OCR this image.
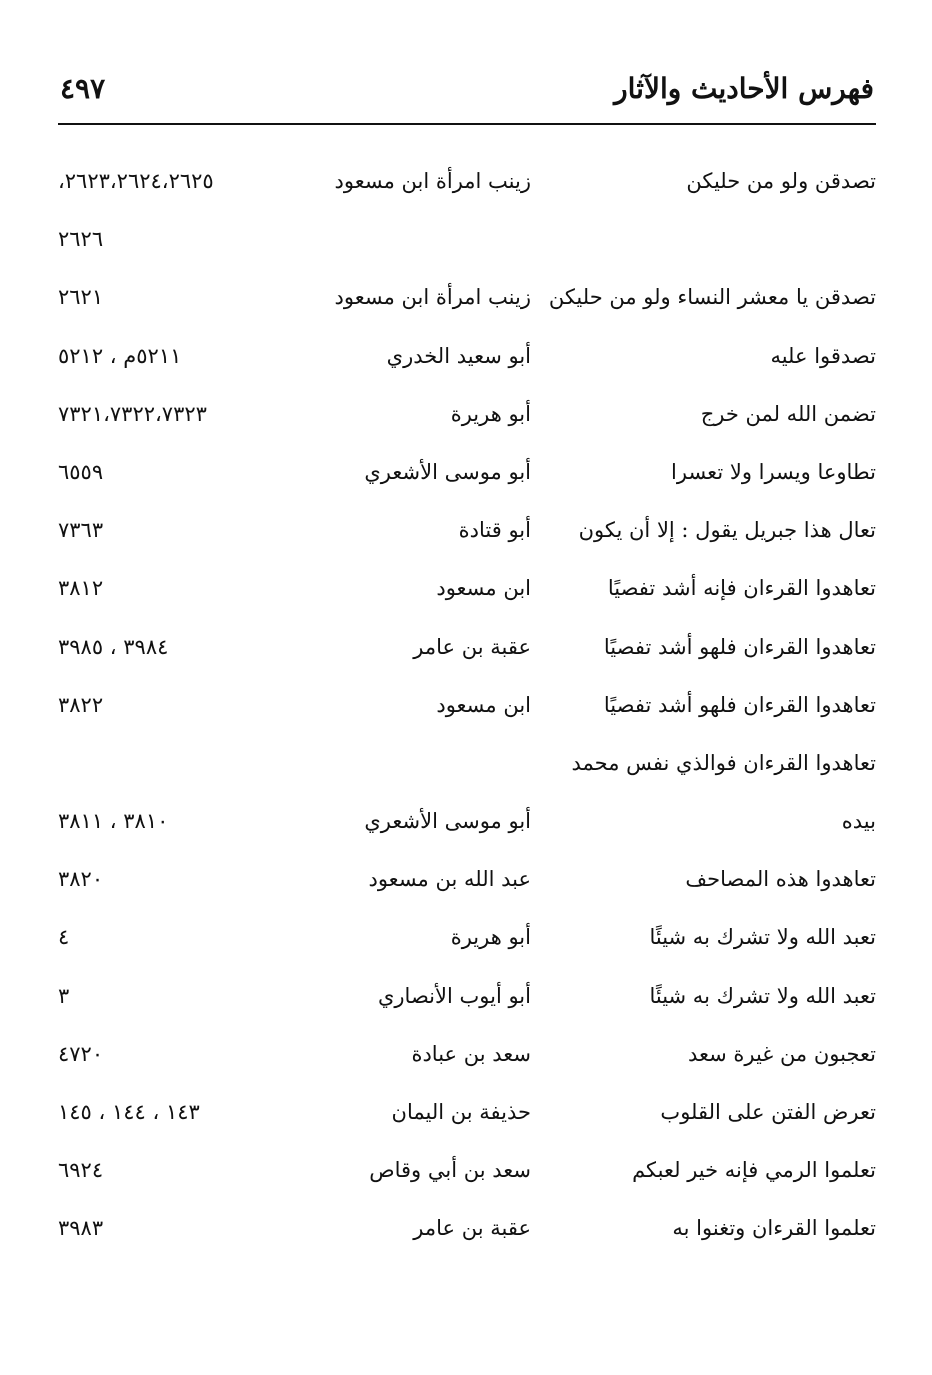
فهرس الأحاديث والآثار
٤٩٧
تصدقن ولو من حليكن
زينب امرأة ابن مسعود
٢٦٢٣،٢٦٢٤،٢٦٢٥،
٢٦٢٦
تصدقن يا معشر النساء ولو من حليكن
زينب امرأة ابن مسعود
٢٦٢١
تصدقوا عليه
أبو سعيد الخدري
٥٢١١م ، ٥٢١٢
تضمن الله لمن خرج
أبو هريرة
٧٣٢١،٧٣٢٢،٧٣٢٣
تطاوعا ويسرا ولا تعسرا
أبو موسى الأشعري
٦٥٥٩
تعال هذا جبريل يقول : إلا أن يكون
أبو قتادة
٧٣٦٣
تعاهدوا القرءان فإنه أشد تفصيًا
ابن مسعود
٣٨١٢
تعاهدوا القرءان فلهو أشد تفصيًا
عقبة بن عامر
٣٩٨٤ ، ٣٩٨٥
تعاهدوا القرءان فلهو أشد تفصيًا
ابن مسعود
٣٨٢٢
تعاهدوا القرءان فوالذي نفس محمد
بيده
أبو موسى الأشعري
٣٨١٠ ، ٣٨١١
تعاهدوا هذه المصاحف
عبد الله بن مسعود
٣٨٢٠
تعبد الله ولا تشرك به شيئًا
أبو هريرة
٤
تعبد الله ولا تشرك به شيئًا
أبو أيوب الأنصاري
٣
تعجبون من غيرة سعد
سعد بن عبادة
٤٧٢٠
تعرض الفتن على القلوب
حذيفة بن اليمان
١٤٣ ، ١٤٤ ، ١٤٥
تعلموا الرمي فإنه خير لعبكم
سعد بن أبي وقاص
٦٩٢٤
تعلموا القرءان وتغنوا به
عقبة بن عامر
٣٩٨٣
